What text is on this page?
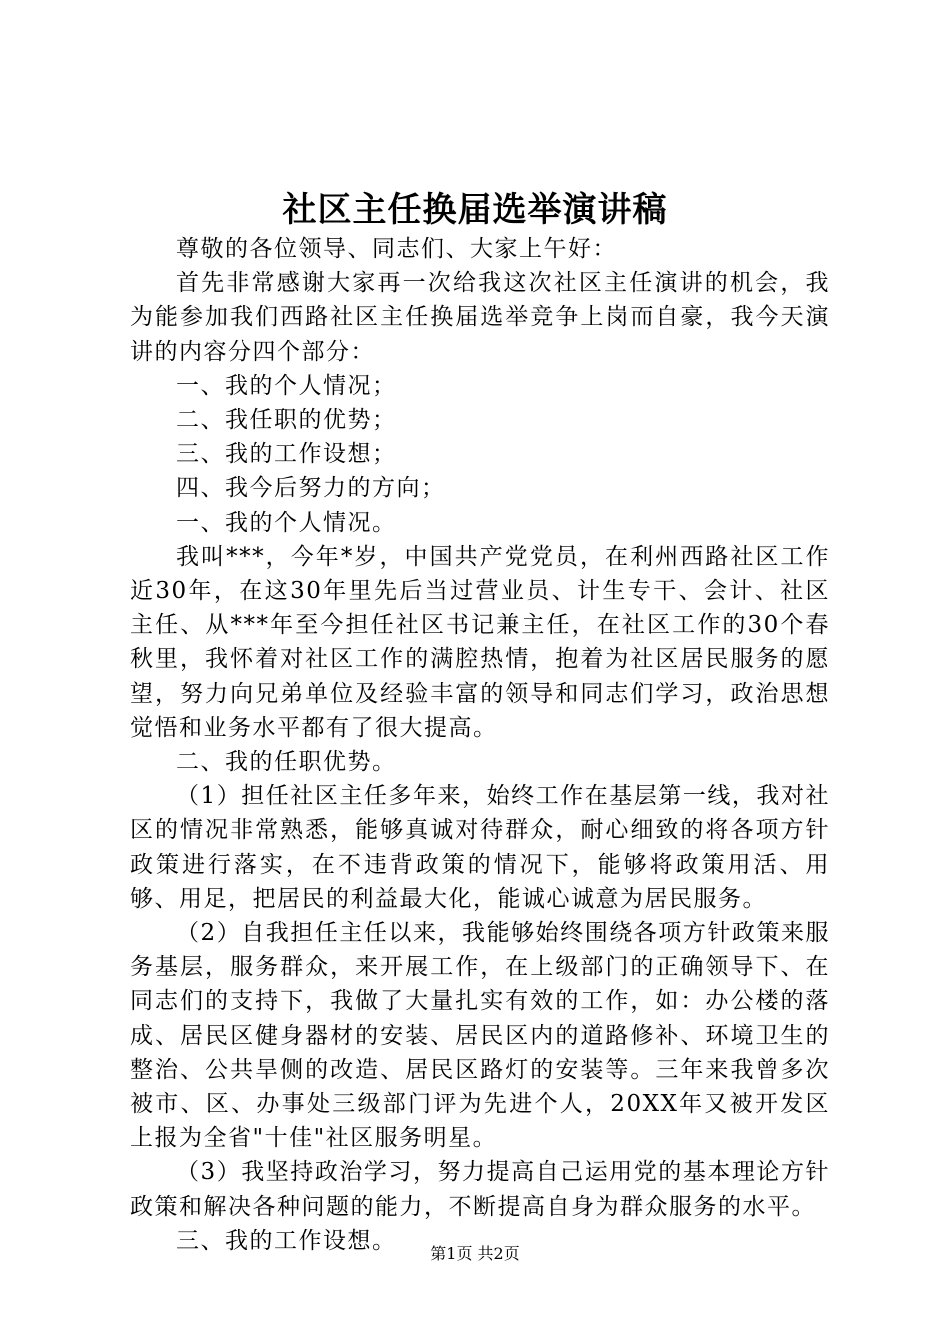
社区主任换届选举演讲稿

尊敬的各位领导、同志们、大家上午好：

首先非常感谢大家再一次给我这次社区主任演讲的机会，我为能参加我们西路社区主任换届选举竞争上岗而自豪，我今天演讲的内容分四个部分：

一、我的个人情况；

二、我任职的优势；

三、我的工作设想；

四、我今后努力的方向；

一、我的个人情况。

我叫***，今年*岁，中国共产党党员，在利州西路社区工作近30年，在这30年里先后当过营业员、计生专干、会计、社区主任、从***年至今担任社区书记兼主任，在社区工作的30个春秋里，我怀着对社区工作的满腔热情，抱着为社区居民服务的愿望，努力向兄弟单位及经验丰富的领导和同志们学习，政治思想觉悟和业务水平都有了很大提高。

二、我的任职优势。

（1）担任社区主任多年来，始终工作在基层第一线，我对社区的情况非常熟悉，能够真诚对待群众，耐心细致的将各项方针政策进行落实，在不违背政策的情况下，能够将政策用活、用够、用足，把居民的利益最大化，能诚心诚意为居民服务。

（2）自我担任主任以来，我能够始终围绕各项方针政策来服务基层，服务群众，来开展工作，在上级部门的正确领导下、在同志们的支持下，我做了大量扎实有效的工作，如：办公楼的落成、居民区健身器材的安装、居民区内的道路修补、环境卫生的整治、公共旱侧的改造、居民区路灯的安装等。三年来我曾多次被市、区、办事处三级部门评为先进个人，20XX年又被开发区上报为全省"十佳"社区服务明星。

（3）我坚持政治学习，努力提高自己运用党的基本理论方针政策和解决各种问题的能力，不断提高自身为群众服务的水平。

三、我的工作设想。	第1页 共2页
